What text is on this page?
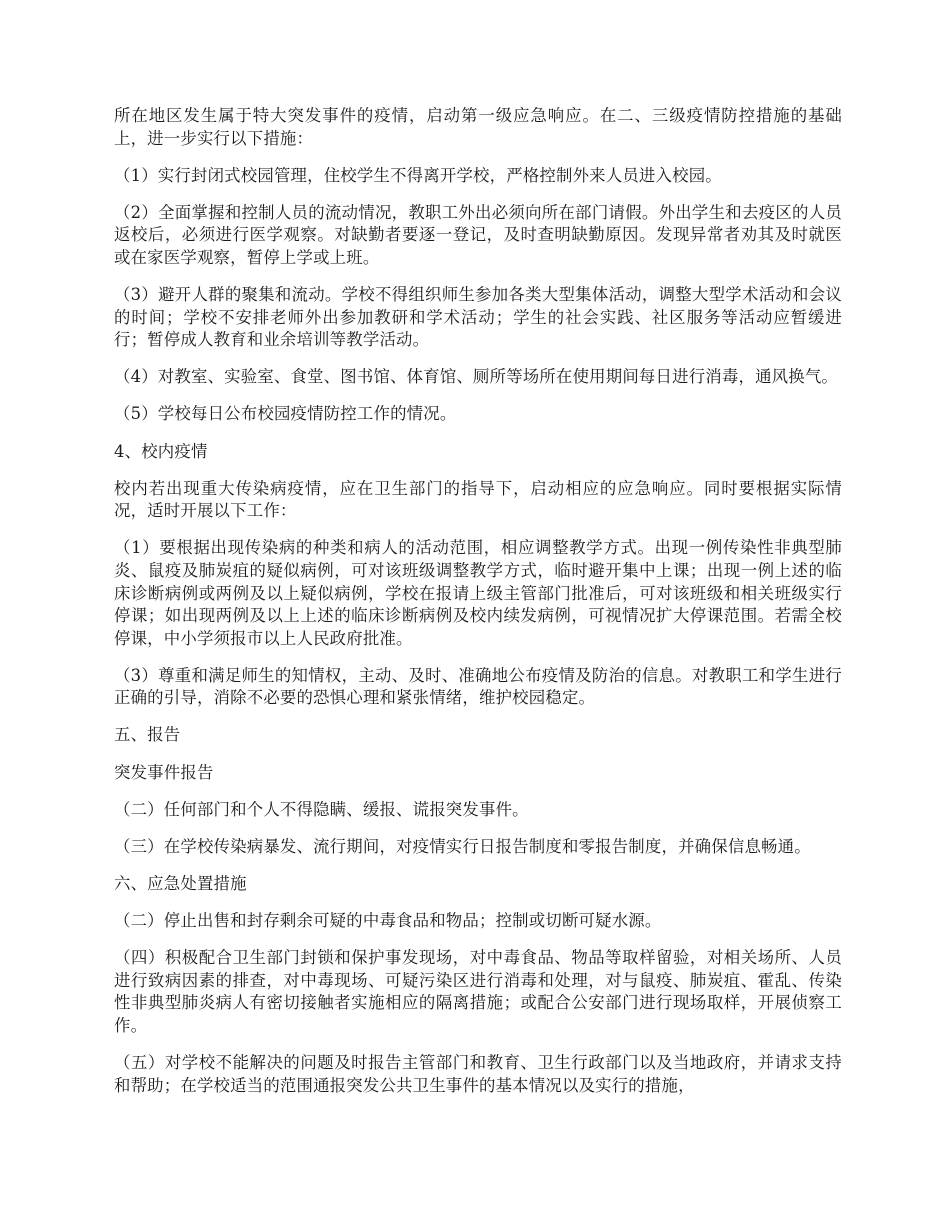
所在地区发生属于特大突发事件的疫情，启动第一级应急响应。在二、三级疫情防控措施的基础上，进一步实行以下措施：

（1）实行封闭式校园管理，住校学生不得离开学校，严格控制外来人员进入校园。

（2）全面掌握和控制人员的流动情况，教职工外出必须向所在部门请假。外出学生和去疫区的人员返校后，必须进行医学观察。对缺勤者要逐一登记，及时查明缺勤原因。发现异常者劝其及时就医或在家医学观察，暂停上学或上班。

（3）避开人群的聚集和流动。学校不得组织师生参加各类大型集体活动，调整大型学术活动和会议的时间；学校不安排老师外出参加教研和学术活动；学生的社会实践、社区服务等活动应暂缓进行；暂停成人教育和业余培训等教学活动。

（4）对教室、实验室、食堂、图书馆、体育馆、厕所等场所在使用期间每日进行消毒，通风换气。

（5）学校每日公布校园疫情防控工作的情况。

4、校内疫情

校内若出现重大传染病疫情，应在卫生部门的指导下，启动相应的应急响应。同时要根据实际情况，适时开展以下工作：

（1）要根据出现传染病的种类和病人的活动范围，相应调整教学方式。出现一例传染性非典型肺炎、鼠疫及肺炭疽的疑似病例，可对该班级调整教学方式，临时避开集中上课；出现一例上述的临床诊断病例或两例及以上疑似病例，学校在报请上级主管部门批准后，可对该班级和相关班级实行停课；如出现两例及以上上述的临床诊断病例及校内续发病例，可视情况扩大停课范围。若需全校停课，中小学须报市以上人民政府批准。

（3）尊重和满足师生的知情权，主动、及时、准确地公布疫情及防治的信息。对教职工和学生进行正确的引导，消除不必要的恐惧心理和紧张情绪，维护校园稳定。

五、报告

突发事件报告

（二）任何部门和个人不得隐瞒、缓报、谎报突发事件。

（三）在学校传染病暴发、流行期间，对疫情实行日报告制度和零报告制度，并确保信息畅通。

六、应急处置措施

（二）停止出售和封存剩余可疑的中毒食品和物品；控制或切断可疑水源。

（四）积极配合卫生部门封锁和保护事发现场，对中毒食品、物品等取样留验，对相关场所、人员进行致病因素的排查，对中毒现场、可疑污染区进行消毒和处理，对与鼠疫、肺炭疽、霍乱、传染性非典型肺炎病人有密切接触者实施相应的隔离措施；或配合公安部门进行现场取样，开展侦察工作。

（五）对学校不能解决的问题及时报告主管部门和教育、卫生行政部门以及当地政府，并请求支持和帮助；在学校适当的范围通报突发公共卫生事件的基本情况以及实行的措施，
